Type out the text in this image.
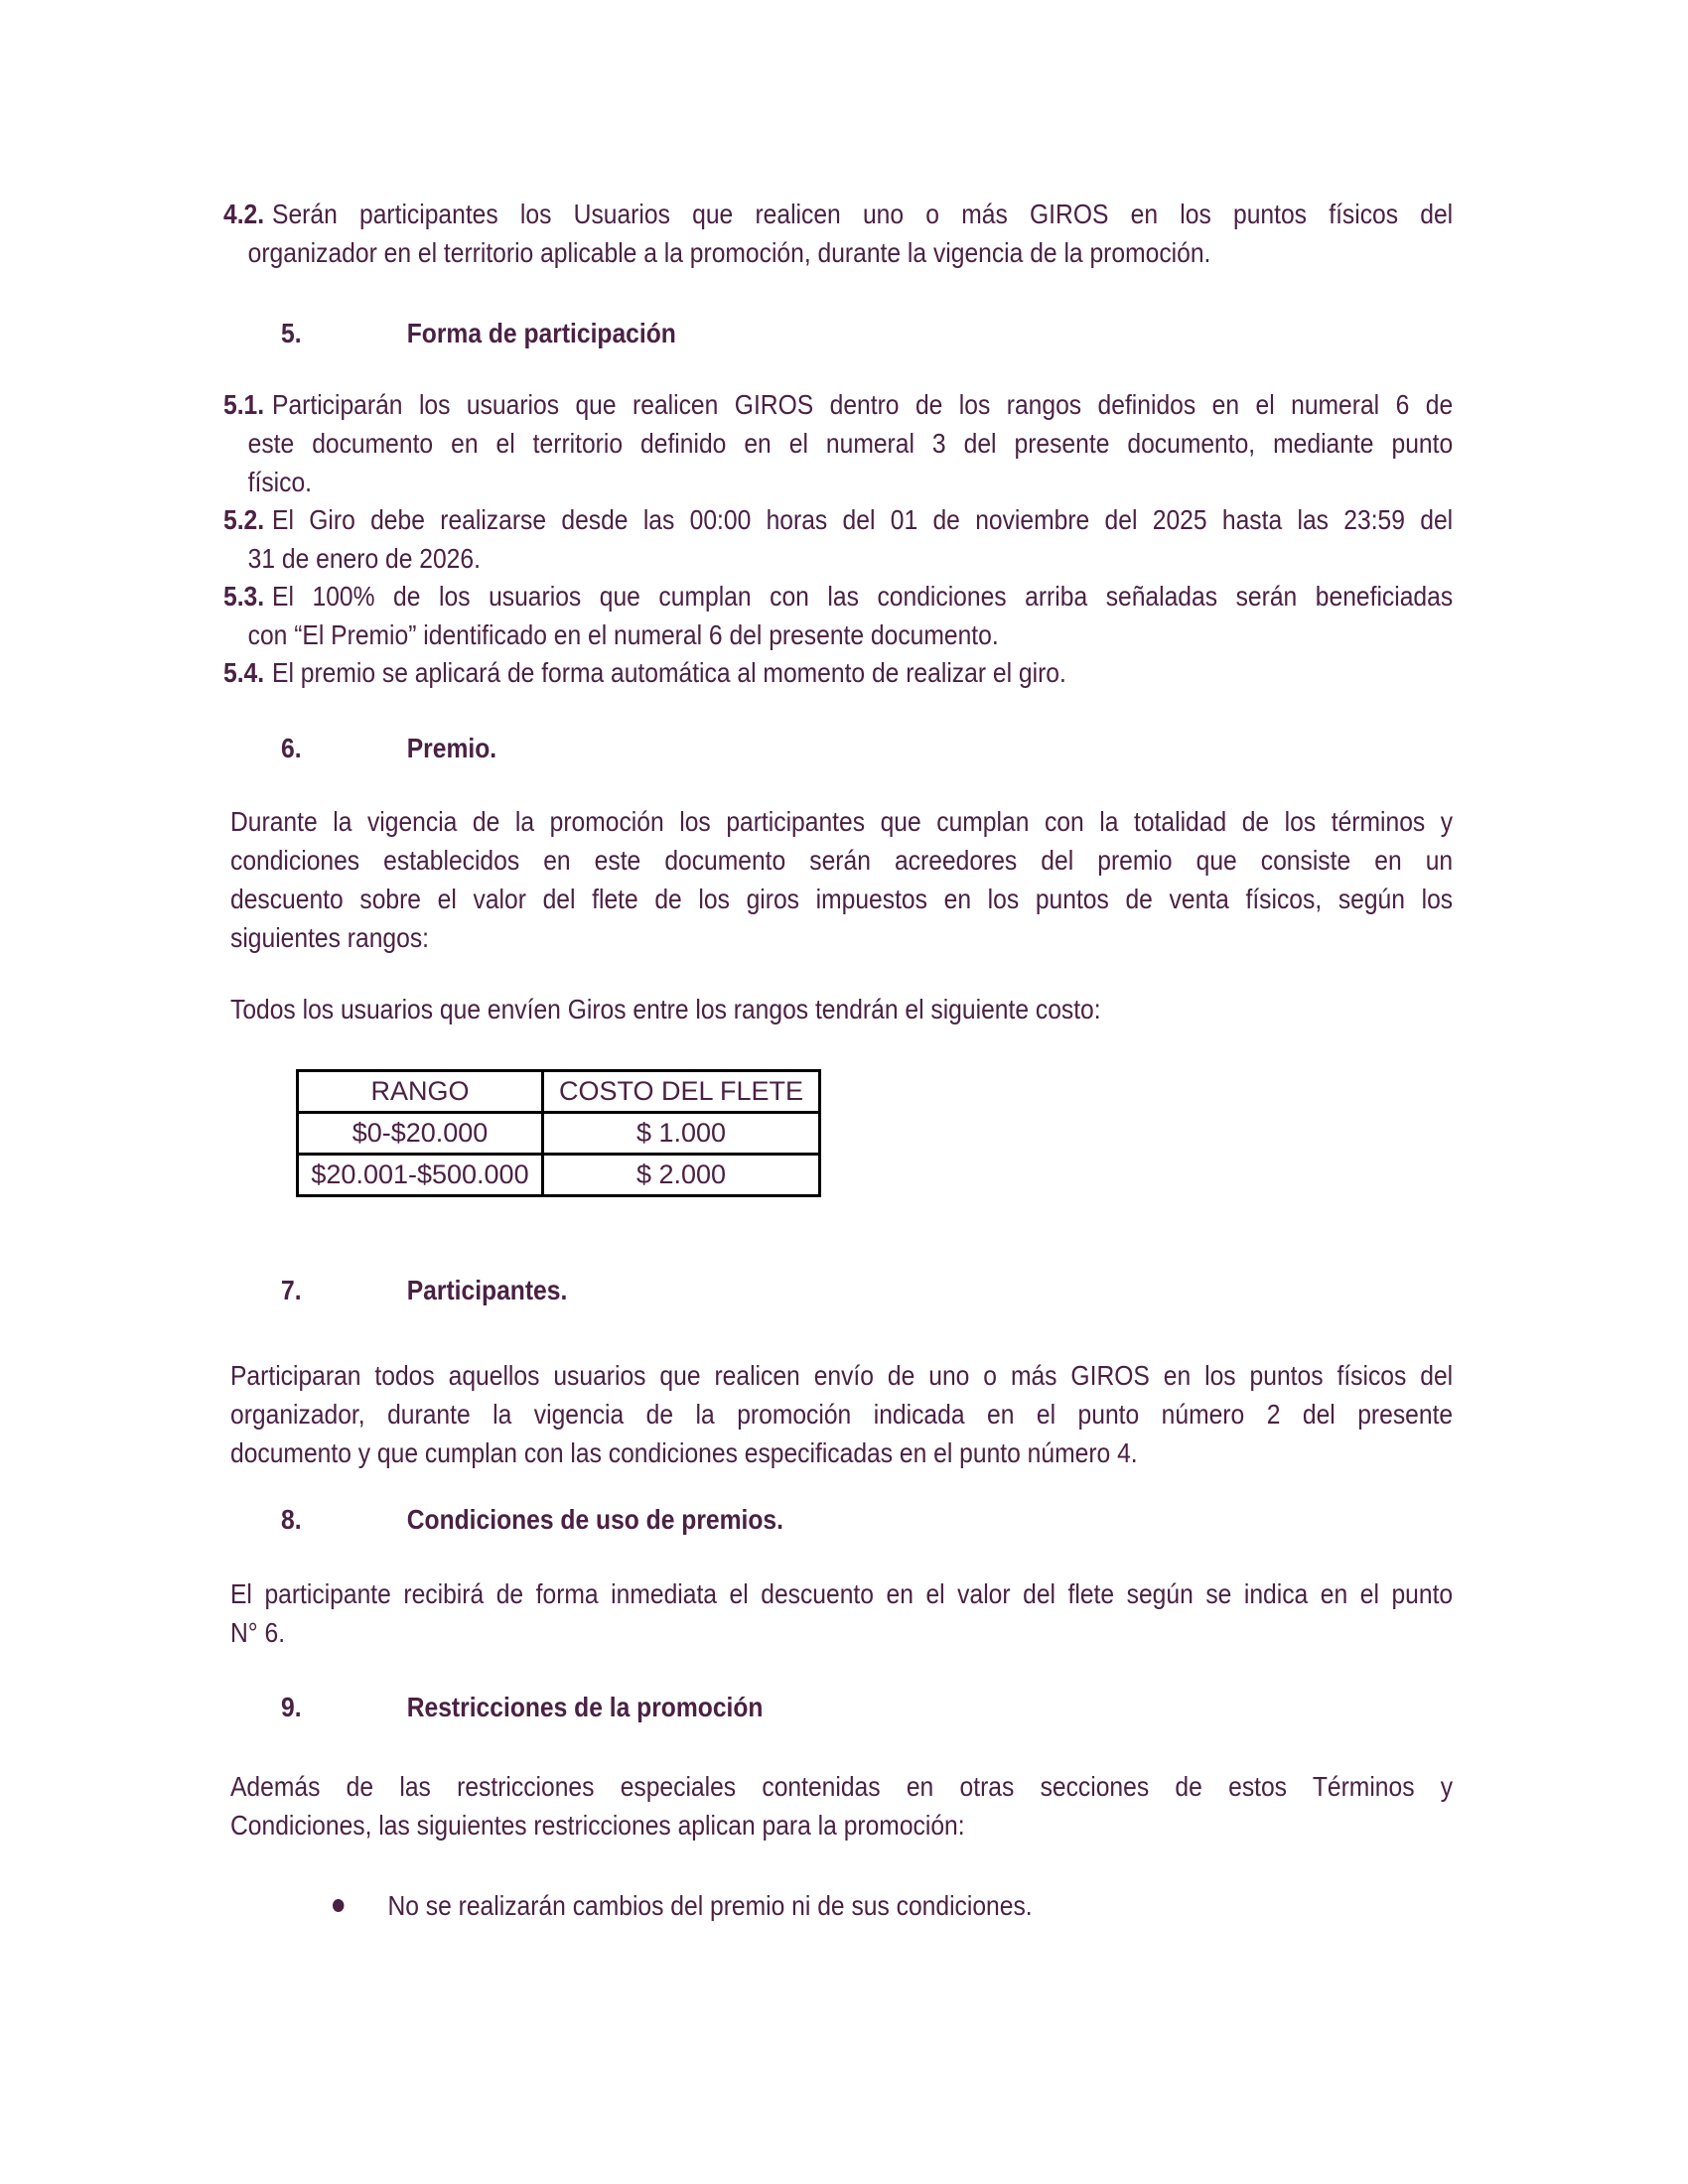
4.2. Serán participantes los Usuarios que realicen uno o más GIROS en los puntos físicos del
organizador en el territorio aplicable a la promoción, durante la vigencia de la promoción.
5.	Forma de participación
5.1. Participarán los usuarios que realicen GIROS dentro de los rangos definidos en el numeral 6 de
este documento en el territorio definido en el numeral 3 del presente documento, mediante punto
físico.
5.2. El Giro debe realizarse desde las 00:00 horas del 01 de noviembre del 2025 hasta las 23:59 del
31 de enero de 2026.
5.3. El 100% de los usuarios que cumplan con las condiciones arriba señaladas serán beneficiadas
con “El Premio” identificado en el numeral 6 del presente documento.
5.4. El premio se aplicará de forma automática al momento de realizar el giro.
6.	Premio.
Durante la vigencia de la promoción los participantes que cumplan con la totalidad de los términos y
condiciones establecidos en este documento serán acreedores del premio que consiste en un
descuento sobre el valor del flete de los giros impuestos en los puntos de venta físicos, según los
siguientes rangos:
Todos los usuarios que envíen Giros entre los rangos tendrán el siguiente costo:
RANGO	COSTO DEL FLETE
$0-$20.000	$ 1.000
$20.001-$500.000	$ 2.000
7.	Participantes.
Participaran todos aquellos usuarios que realicen envío de uno o más GIROS en los puntos físicos del
organizador, durante la vigencia de la promoción indicada en el punto número 2 del presente
documento y que cumplan con las condiciones especificadas en el punto número 4.
8.	Condiciones de uso de premios.
El participante recibirá de forma inmediata el descuento en el valor del flete según se indica en el punto
N° 6.
9.	Restricciones de la promoción
Además de las restricciones especiales contenidas en otras secciones de estos Términos y
Condiciones, las siguientes restricciones aplican para la promoción:
No se realizarán cambios del premio ni de sus condiciones.
